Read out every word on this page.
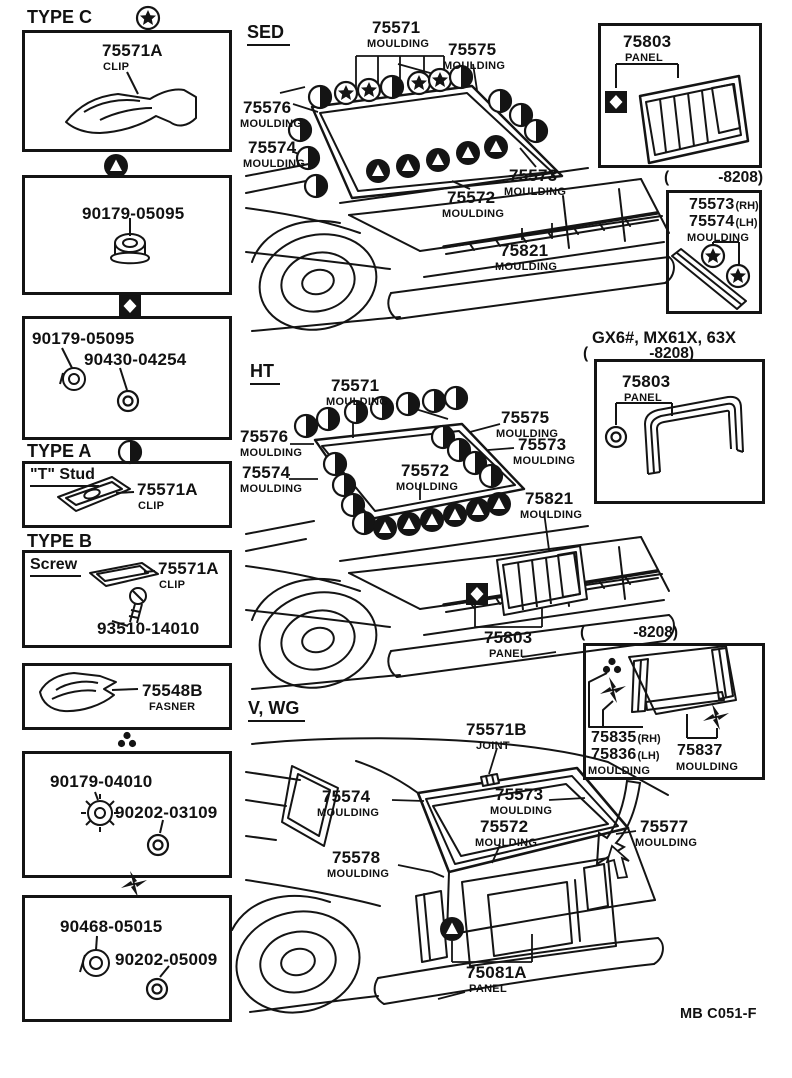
TYPE C
TYPE A
TYPE B
"T" Stud
Screw
SED
HT
V, WG
GX6#, MX61X, 63X
75571A
CLIP
90179-05095
90179-05095
90430-04254
75571A
CLIP
75571A
CLIP
93510-14010
75548B
FASNER
90179-04010
90202-03109
90468-05015
90202-05009
75571
MOULDING 75575
MOULDING
75576
MOULDING
75574
MOULDING
75573
MOULDING
75572
MOULDING
75821
MOULDING
75803
PANEL
(	-8208)
75573 (RH)
75574 (LH)
MOULDING
(	-8208)
75803
PANEL
75571
MOULDING
75575
MOULDING
75576
MOULDING	75573
MOULDING
75574
MOULDING
75572
MOULDING
75821
MOULDING
75803
PANEL
(	-8208)
75835 (RH)
75836 (LH)
MOULDING
75837
MOULDING
75571B
JOINT
75574
MOULDING
75573
MOULDING
75572
MOULDING
75577
MOULDING
75578
MOULDING
75081A
PANEL
MB C051-F
